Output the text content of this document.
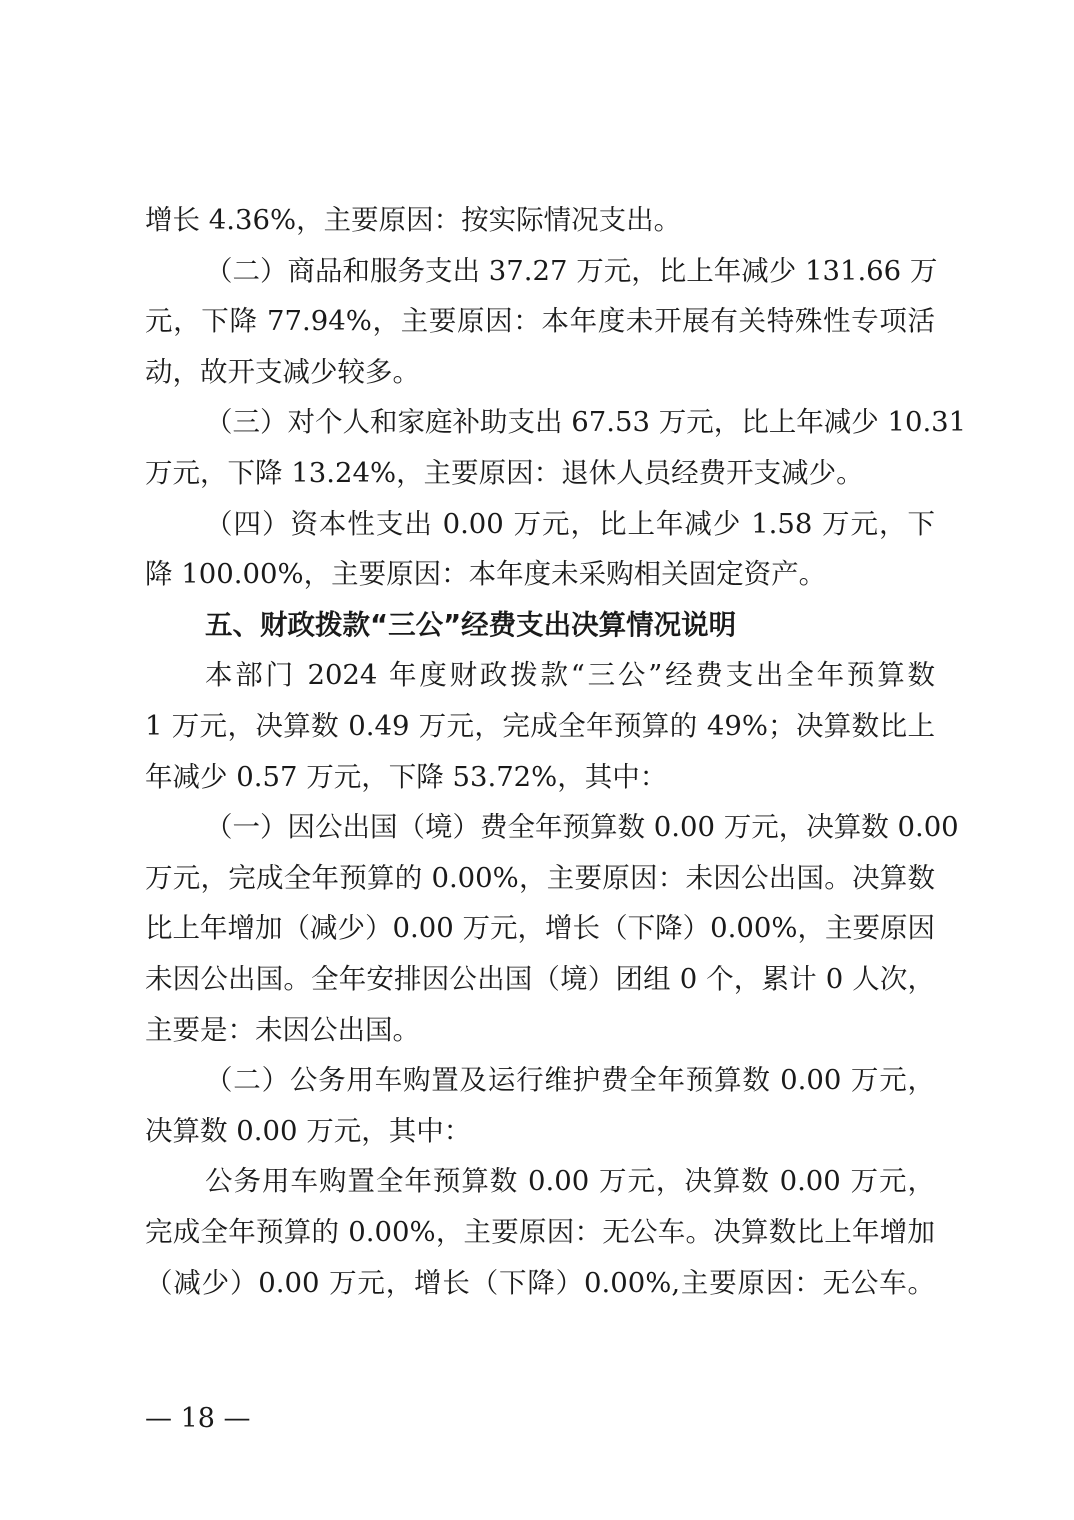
增长 4.36%，主要原因：按实际情况支出。
（二）商品和服务支出 37.27 万元，比上年减少 131.66 万
元，下降 77.94%，主要原因：本年度未开展有关特殊性专项活
动，故开支减少较多。
（三）对个人和家庭补助支出 67.53 万元，比上年减少 10.31
万元，下降 13.24%，主要原因：退休人员经费开支减少。
（四）资本性支出 0.00 万元，比上年减少 1.58 万元，下
降 100.00%，主要原因：本年度未采购相关固定资产。
五、财政拨款“三公”经费支出决算情况说明
本部门 2024 年度财政拨款“三公”经费支出全年预算数
1 万元，决算数 0.49 万元，完成全年预算的 49%；决算数比上
年减少 0.57 万元，下降 53.72%，其中：
（一）因公出国（境）费全年预算数 0.00 万元，决算数 0.00
万元，完成全年预算的 0.00%，主要原因：未因公出国。决算数
比上年增加（减少）0.00 万元，增长（下降）0.00%，主要原因
未因公出国。全年安排因公出国（境）团组 0 个，累计 0 人次，
主要是：未因公出国。
（二）公务用车购置及运行维护费全年预算数 0.00 万元，
决算数 0.00 万元，其中：
公务用车购置全年预算数 0.00 万元，决算数 0.00 万元，
完成全年预算的 0.00%，主要原因：无公车。决算数比上年增加
（减少）0.00 万元，增长（下降）0.00%,主要原因：无公车。
— 18 —
